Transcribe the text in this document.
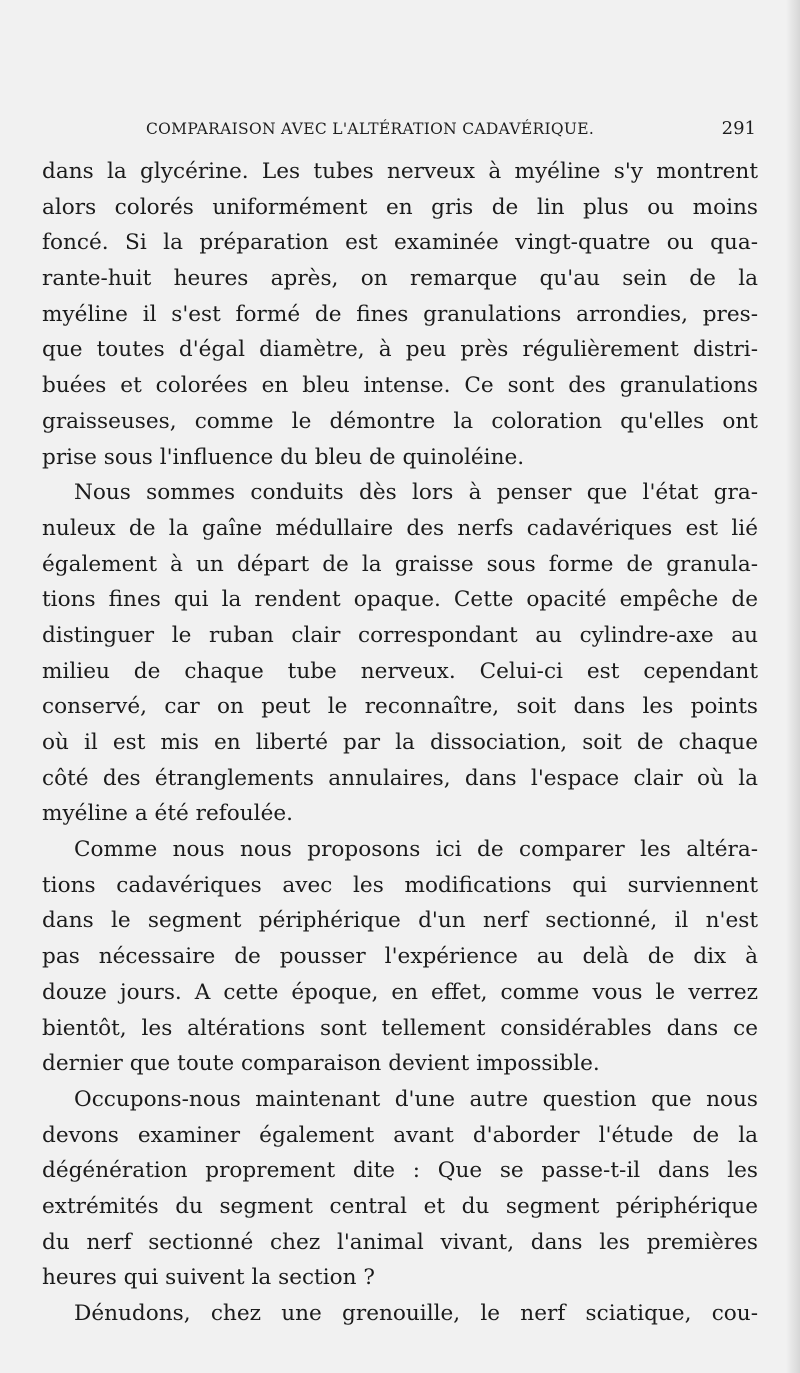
COMPARAISON AVEC L'ALTÉRATION CADAVÉRIQUE.	291
dans la glycérine. Les tubes nerveux à myéline s'y montrent
alors colorés uniformément en gris de lin plus ou moins
foncé. Si la préparation est examinée vingt-quatre ou qua-
rante-huit heures après, on remarque qu'au sein de la
myéline il s'est formé de fines granulations arrondies, pres-
que toutes d'égal diamètre, à peu près régulièrement distri-
buées et colorées en bleu intense. Ce sont des granulations
graisseuses, comme le démontre la coloration qu'elles ont
prise sous l'influence du bleu de quinoléine.
Nous sommes conduits dès lors à penser que l'état gra-
nuleux de la gaîne médullaire des nerfs cadavériques est lié
également à un départ de la graisse sous forme de granula-
tions fines qui la rendent opaque. Cette opacité empêche de
distinguer le ruban clair correspondant au cylindre-axe au
milieu de chaque tube nerveux. Celui-ci est cependant
conservé, car on peut le reconnaître, soit dans les points
où il est mis en liberté par la dissociation, soit de chaque
côté des étranglements annulaires, dans l'espace clair où la
myéline a été refoulée.
Comme nous nous proposons ici de comparer les altéra-
tions cadavériques avec les modifications qui surviennent
dans le segment périphérique d'un nerf sectionné, il n'est
pas nécessaire de pousser l'expérience au delà de dix à
douze jours. A cette époque, en effet, comme vous le verrez
bientôt, les altérations sont tellement considérables dans ce
dernier que toute comparaison devient impossible.
Occupons-nous maintenant d'une autre question que nous
devons examiner également avant d'aborder l'étude de la
dégénération proprement dite : Que se passe-t-il dans les
extrémités du segment central et du segment périphérique
du nerf sectionné chez l'animal vivant, dans les premières
heures qui suivent la section ?
Dénudons, chez une grenouille, le nerf sciatique, cou-
